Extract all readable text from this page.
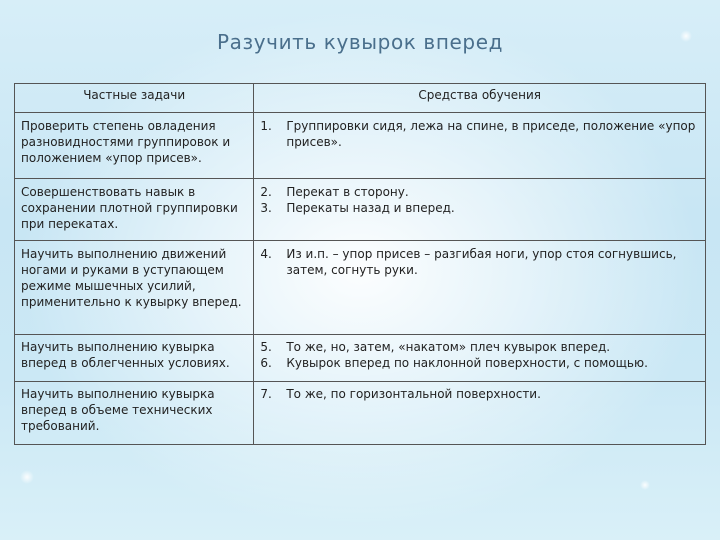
Разучить кувырок вперед
Частные задачи	Средства обучения
Проверить степень овладения разновидностями группировок и положением «упор присев».	1. Группировки сидя, лежа на спине, в приседе, положение «упор присев».

Совершенствовать навык в сохранении плотной группировки при перекатах.	2. Перекат в сторону.
3. Перекаты назад и вперед.

Научить выполнению движений ногами и руками в уступающем режиме мышечных усилий, применительно к кувырку вперед.	4. Из и.п. – упор присев – разгибая ноги, упор стоя согнувшись, затем, согнуть руки.

Научить выполнению кувырка вперед в облегченных условиях.	5. То же, но, затем, «накатом» плеч кувырок вперед.
6. Кувырок вперед по наклонной поверхности, с помощью.

Научить выполнению кувырка вперед в объеме технических требований.	7. То же, по горизонтальной поверхности.
